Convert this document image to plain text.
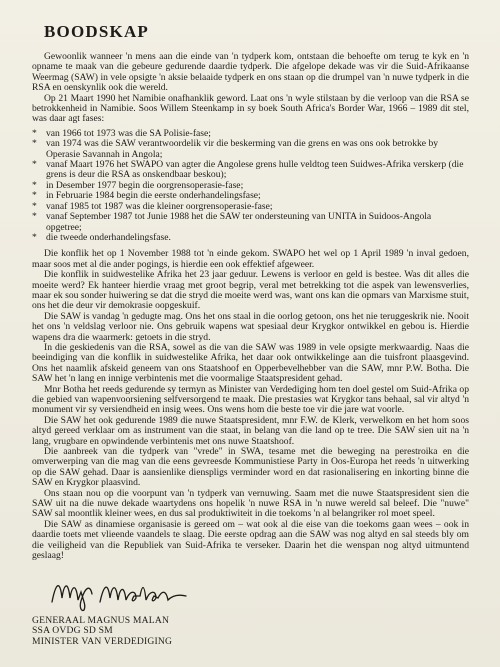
BOODSKAP

Gewoonlik wanneer 'n mens aan die einde van 'n tydperk kom, ontstaan die behoefte om terug te kyk en 'n opname te maak van die gebeure gedurende daardie tydperk. Die afgelope dekade was vir die Suid-Afrikaanse Weermag (SAW) in vele opsigte 'n aksie belaaide tydperk en ons staan op die drumpel van 'n nuwe tydperk in die RSA en oenskynlik ook die wereld.

Op 21 Maart 1990 het Namibie onafhanklik geword. Laat ons 'n wyle stilstaan by die verloop van die RSA se betrokkenheid in Namibie. Soos Willem Steenkamp in sy boek South Africa's Border War, 1966 – 1989 dit stel, was daar agt fases:

* van 1966 tot 1973 was die SA Polisie-fase;
* van 1974 was die SAW verantwoordelik vir die beskerming van die grens en was ons ook betrokke by Operasie Savannah in Angola;
* vanaf Maart 1976 het SWAPO van agter die Angolese grens hulle veldtog teen Suidwes-Afrika verskerp (die grens is deur die RSA as onskendbaar beskou);
* in Desember 1977 begin die oorgrensoperasie-fase;
* in Februarie 1984 begin die eerste onderhandelingsfase;
* vanaf 1985 tot 1987 was die kleiner oorgrensoperasie-fase;
* vanaf September 1987 tot Junie 1988 het die SAW ter ondersteuning van UNITA in Suidoos-Angola opgetree;
* die tweede onderhandelingsfase.

Die konflik het op 1 November 1988 tot 'n einde gekom. SWAPO het wel op 1 April 1989 'n inval gedoen, maar soos met al die ander pogings, is hierdie een ook effektief afgeweer.

Die konflik in suidwestelike Afrika het 23 jaar geduur. Lewens is verloor en geld is bestee. Was dit alles die moeite werd? Ek hanteer hierdie vraag met groot begrip, veral met betrekking tot die aspek van lewensverlies, maar ek sou sonder huiwering se dat die stryd die moeite werd was, want ons kan die opmars van Marxisme stuit, ons het die deur vir demokrasie oopgeskuif.

Die SAW is vandag 'n gedugte mag. Ons het ons staal in die oorlog getoon, ons het nie teruggeskrik nie. Nooit het ons 'n veldslag verloor nie. Ons gebruik wapens wat spesiaal deur Krygkor ontwikkel en gebou is. Hierdie wapens dra die waarmerk: getoets in die stryd.

In die geskiedenis van die RSA, sowel as die van die SAW was 1989 in vele opsigte merkwaardig. Naas die beeindiging van die konflik in suidwestelike Afrika, het daar ook ontwikkelinge aan die tuisfront plaasgevind. Ons het naamlik afskeid geneem van ons Staatshoof en Opperbevelhebber van die SAW, mnr P.W. Botha. Die SAW het 'n lang en innige verbintenis met die voormalige Staatspresident gehad.

Mnr Botha het reeds gedurende sy termyn as Minister van Verdediging hom ten doel gestel om Suid-Afrika op die gebied van wapenvoorsiening selfversorgend te maak. Die prestasies wat Krygkor tans behaal, sal vir altyd 'n monument vir sy versiendheid en insig wees. Ons wens hom die beste toe vir die jare wat voorle.

Die SAW het ook gedurende 1989 die nuwe Staatspresident, mnr F.W. de Klerk, verwelkom en het hom soos altyd gereed verklaar om as instrument van die staat, in belang van die land op te tree. Die SAW sien uit na 'n lang, vrugbare en opwindende verbintenis met ons nuwe Staatshoof.

Die aanbreek van die tydperk van "vrede" in SWA, tesame met die beweging na perestroika en die omverwerping van die mag van die eens gevreesde Kommunistiese Party in Oos-Europa het reeds 'n uitwerking op die SAW gehad. Daar is aansienlike dienspligs verminder word en dat rasionalisering en inkorting binne die SAW en Krygkor plaasvind.

Ons staan nou op die voorpunt van 'n tydperk van vernuwing. Saam met die nuwe Staatspresident sien die SAW uit na die nuwe dekade waartydens ons hopelik 'n nuwe RSA in 'n nuwe wereld sal beleef. Die "nuwe" SAW sal moontlik kleiner wees, en dus sal produktiwiteit in die toekoms 'n al belangriker rol moet speel.

Die SAW as dinamiese organisasie is gereed om – wat ook al die eise van die toekoms gaan wees – ook in daardie toets met vlieende vaandels te slaag. Die eerste opdrag aan die SAW was nog altyd en sal steeds bly om die veiligheid van die Republiek van Suid-Afrika te verseker. Daarin het die wenspan nog altyd uitmuntend geslaag!

GENERAAL MAGNUS MALAN
SSA OVDG SD SM
MINISTER VAN VERDEDIGING
